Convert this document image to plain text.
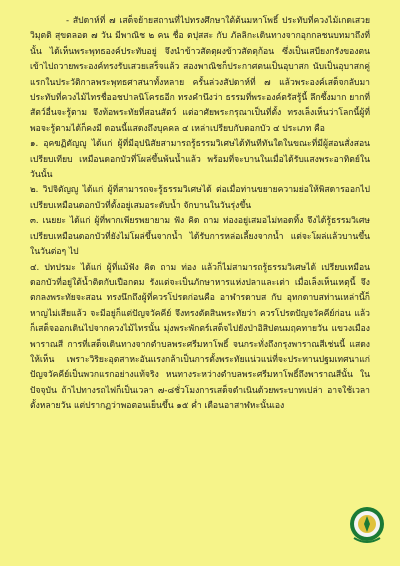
- สัปดาห์ที่ ๗ เสด็จย้ายสถานที่ไปทรงศึกษาใต้ต้นมหาโพธิ์ ประทับที่ควงไม้เกดเสวยวิมุตติ สุขตลอด ๗ วัน มีพาณิช ๒ คน ชื่อ ตปุสสะ กับ ภัลลิกะเดินทางจากอุกกลชนบทมาถึงที่นั้น ได้เห็นพระพุทธองค์ประทับอยู่ จึงนำข้าวสัตตุผงข้าวสัตตุก้อน ซึ่งเป็นเสบียงกรังของตนเข้าไปถวายพระองค์ทรงรับเสวยเสร็จแล้ว สองพาณิชก็ประกาศตนเป็นอุบาสก นับเป็นอุบาสกคู่แรกในประวัติกาลพระพุทธศาสนาทั้งหลาย ครั้นล่วงสัปดาห์ที่ ๗ แล้วพระองค์เสด็จกลับมาประทับที่ควงไม้ไทรชื่ออชปาลนิโครธอีก ทรงคำนึงว่า ธรรมที่พระองค์ตรัสรู้นี้ ลึกซึ้งมาก ยากที่สัตว์อื่นจะรู้ตาม จึงท้อพระทัยที่สอนสัตว์ แต่อาศัยพระกรุณาเป็นที่ตั้ง ทรงเล็งเห็นว่าโลกนี้ผู้ที่พอจะรู้ตามได้ก็คงมี ดอนนี้แสดงถึงบุคคล ๔ เหล่าเปรียบกับดอกบัว ๔ ประเภท คือ

๑. อุคฆฏิตัญญู ได้แก่ ผู้ที่มีอุปนิสัยสามารถรู้ธรรมวิเศษได้ทันทีทันใดในขณะที่มีผู้สอนสั่งสอนเปรียบเทียบ เหมือนดอกบัวที่โผล่ขึ้นพ้นน้ำแล้ว พร้อมที่จะบานในเมื่อได้รับแสงพระอาทิตย์ในวันนั้น

๒. วิปจิตัญญู ได้แก่ ผู้ที่สามารถจะรู้ธรรมวิเศษได้ ต่อเมื่อท่านขยายความย่อให้พิสดารออกไปเปรียบเหมือนดอกบัวที่ตั้งอยู่เสมอระดับน้ำ จักบานในวันรุ่งขึ้น

๓. เนยยะ ได้แก่ ผู้ที่พากเพียรพยายาม ฟัง คิด ถาม ท่องอยู่เสมอไม่ทอดทิ้ง จึงได้รู้ธรรมวิเศษ เปรียบเหมือนดอกบัวที่ยังไม่โผล่ขึ้นจากน้ำ ได้รับการหล่อเลี้ยงจากน้ำ แต่จะโผล่แล้วบานขึ้นในวันต่อๆ ไป

๔. ปทปรมะ ได้แก่ ผู้ที่แม้ฟัง คิด ถาม ท่อง แล้วก็ไม่สามารถรู้ธรรมวิเศษได้ เปรียบเหมือนดอกบัวที่อยู่ใต้น้ำติดกับเปือกตม รังแต่จะเป็นภักษาหารแห่งปลาและเต่า เมื่อเล็งเห็นเหตุนี้ จึงตกลงพระทัยจะสอน ทรงนึกถึงผู้ที่ควรโปรดก่อนคือ อาฬารดาบส กับ อุทกดาบสท่านเหล่านี้ก็หาญไม่เสียแล้ว จะมีอยู่ก็แต่ปัญจวัคคีย์ จึงทรงตัดสินพระทัยว่า ควรโปรดปัญจวัคคีย์ก่อน แล้วก็เสด็จออกเดินไปจากควงไม้ไทรนั้น มุ่งพระพักตร์เสด็จไปยังป่าอิสิปตนมฤคทายวัน แขวงเมืองพาราณสี การที่เสด็จเดินทางจากตำบลพระศรีมหาโพธิ์ จนกระทั่งถึงกรุงพาราณสีเช่นนี้ แสดงให้เห็น เพราะวิริยะอุตสาหะอันแรงกล้าเป็นการตั้งพระทัยแน่วแน่ที่จะประทานปฐมเทศนาแก่ปัญจวัคคีย์เป็นพวกแรกอย่างแท้จริง หนทางระหว่างตำบลพระศรีมหาโพธิ์ถึงพาราณสีนั้น ในปัจจุบัน ถ้าไปทางรถไฟก็เป็นเวลา ๗-๘ชั่วโมงการเสด็จดำเนินด้วยพระบาทเปล่า อาจใช้เวลาตั้งหลายวัน แต่ปรากฏว่าพอตอนเย็นขึ้น ๑๕ ค่ำ เดือนอาสาฬหะนั้นเอง
